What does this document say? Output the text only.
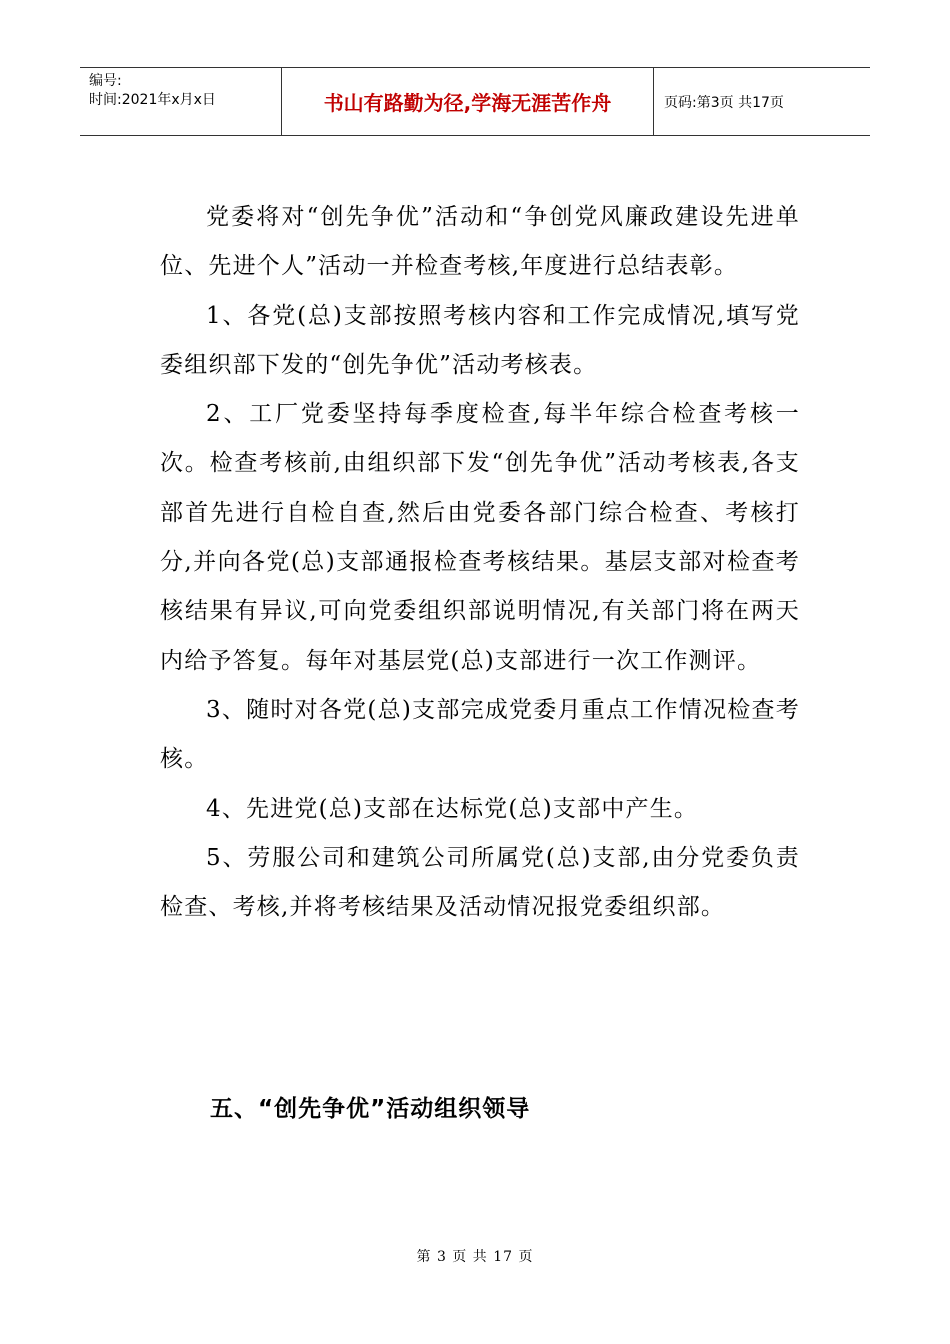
编号:
时间:2021年x月x日	书山有路勤为径,学海无涯苦作舟	页码:第3页 共17页

党委将对“创先争优”活动和“争创党风廉政建设先进单位、先进个人”活动一并检查考核,年度进行总结表彰。

1、各党(总)支部按照考核内容和工作完成情况,填写党委组织部下发的“创先争优”活动考核表。

2、工厂党委坚持每季度检查,每半年综合检查考核一次。检查考核前,由组织部下发“创先争优”活动考核表,各支部首先进行自检自查,然后由党委各部门综合检查、考核打分,并向各党(总)支部通报检查考核结果。基层支部对检查考核结果有异议,可向党委组织部说明情况,有关部门将在两天内给予答复。每年对基层党(总)支部进行一次工作测评。

3、随时对各党(总)支部完成党委月重点工作情况检查考核。

4、先进党(总)支部在达标党(总)支部中产生。

5、劳服公司和建筑公司所属党(总)支部,由分党委负责检查、考核,并将考核结果及活动情况报党委组织部。

五、“创先争优”活动组织领导
第 3 页 共 17 页
